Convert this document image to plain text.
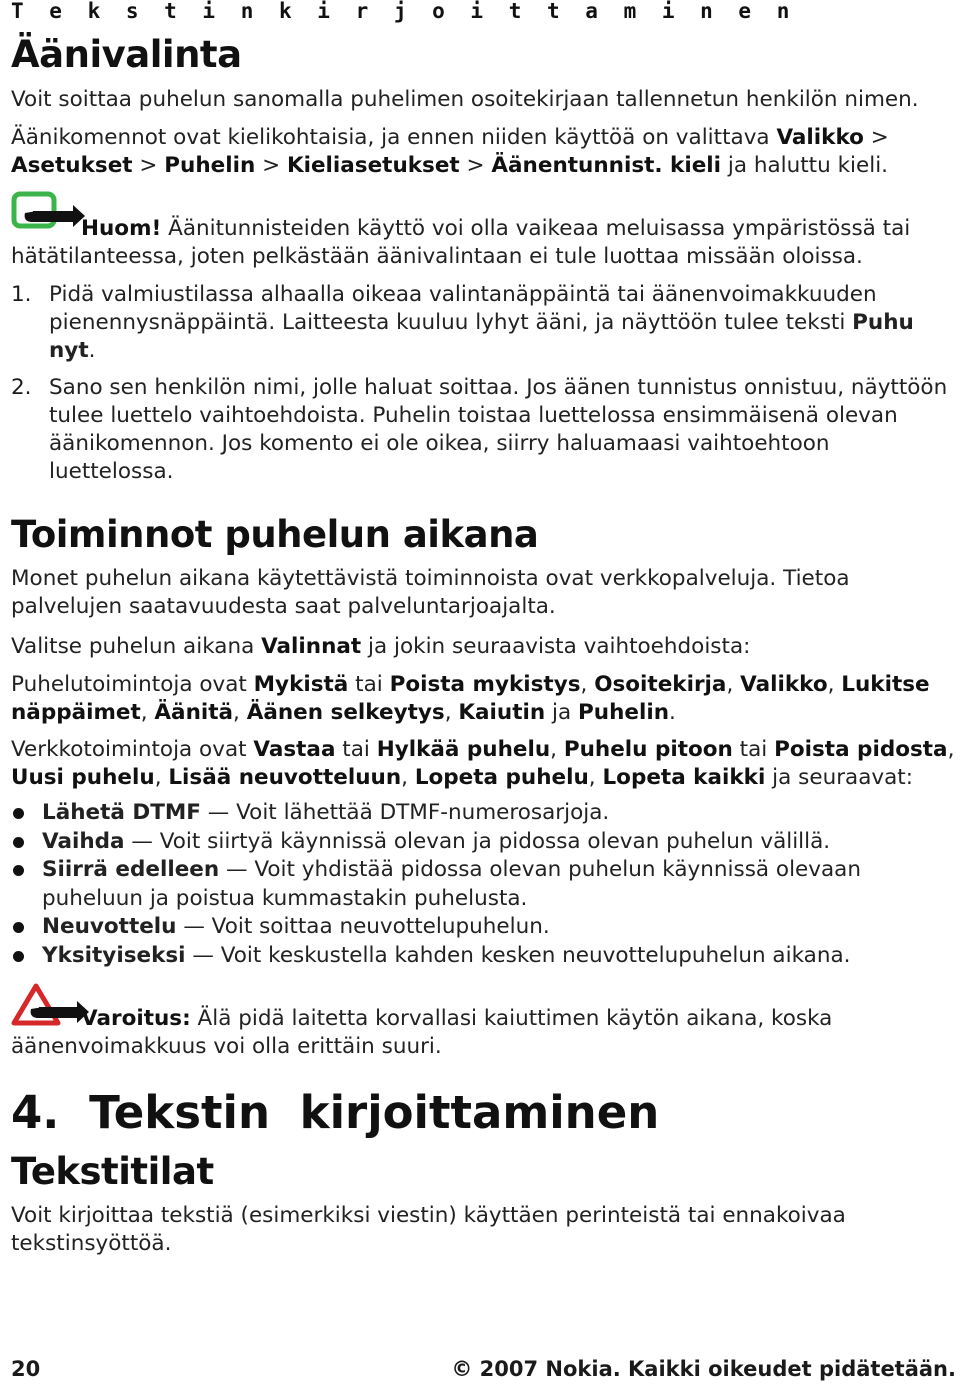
T e k s t i n k i r j o i t t a m i n e n
Äänivalinta
Voit soittaa puhelun sanomalla puhelimen osoitekirjaan tallennetun henkilön nimen.
Äänikomennot ovat kielikohtaisia, ja ennen niiden käyttöä on valittava Valikko > Asetukset > Puhelin > Kieliasetukset > Äänentunnist. kieli ja haluttu kieli.
Huom! Äänitunnisteiden käyttö voi olla vaikeaa meluisassa ympäristössä tai hätätilanteessa, joten pelkästään äänivalintaan ei tule luottaa missään oloissa.
1. Pidä valmiustilassa alhaalla oikeaa valintanäppäintä tai äänenvoimakkuuden pienennysnäppäintä. Laitteesta kuuluu lyhyt ääni, ja näyttöön tulee teksti Puhu nyt.
2. Sano sen henkilön nimi, jolle haluat soittaa. Jos äänen tunnistus onnistuu, näyttöön tulee luettelo vaihtoehdoista. Puhelin toistaa luettelossa ensimmäisenä olevan äänikomennon. Jos komento ei ole oikea, siirry haluamaasi vaihtoehtoon luettelossa.
Toiminnot puhelun aikana
Monet puhelun aikana käytettävistä toiminnoista ovat verkkopalveluja. Tietoa palvelujen saatavuudesta saat palveluntarjoajalta.
Valitse puhelun aikana Valinnat ja jokin seuraavista vaihtoehdoista:
Puhelutoimintoja ovat Mykistä tai Poista mykistys, Osoitekirja, Valikko, Lukitse näppäimet, Äänitä, Äänen selkeytys, Kaiutin ja Puhelin.
Verkkotoimintoja ovat Vastaa tai Hylkää puhelu, Puhelu pitoon tai Poista pidosta, Uusi puhelu, Lisää neuvotteluun, Lopeta puhelu, Lopeta kaikki ja seuraavat:
Lähetä DTMF — Voit lähettää DTMF-numerosarjoja.
Vaihda — Voit siirtyä käynnissä olevan ja pidossa olevan puhelun välillä.
Siirrä edelleen — Voit yhdistää pidossa olevan puhelun käynnissä olevaan puheluun ja poistua kummastakin puhelusta.
Neuvottelu — Voit soittaa neuvottelupuhelun.
Yksityiseksi — Voit keskustella kahden kesken neuvottelupuhelun aikana.
Varoitus: Älä pidä laitetta korvallasi kaiuttimen käytön aikana, koska äänenvoimakkuus voi olla erittäin suuri.
4. Tekstin kirjoittaminen
Tekstitilat
Voit kirjoittaa tekstiä (esimerkiksi viestin) käyttäen perinteistä tai ennakoivaa tekstinsyöttöä.
20	© 2007 Nokia. Kaikki oikeudet pidätetään.
